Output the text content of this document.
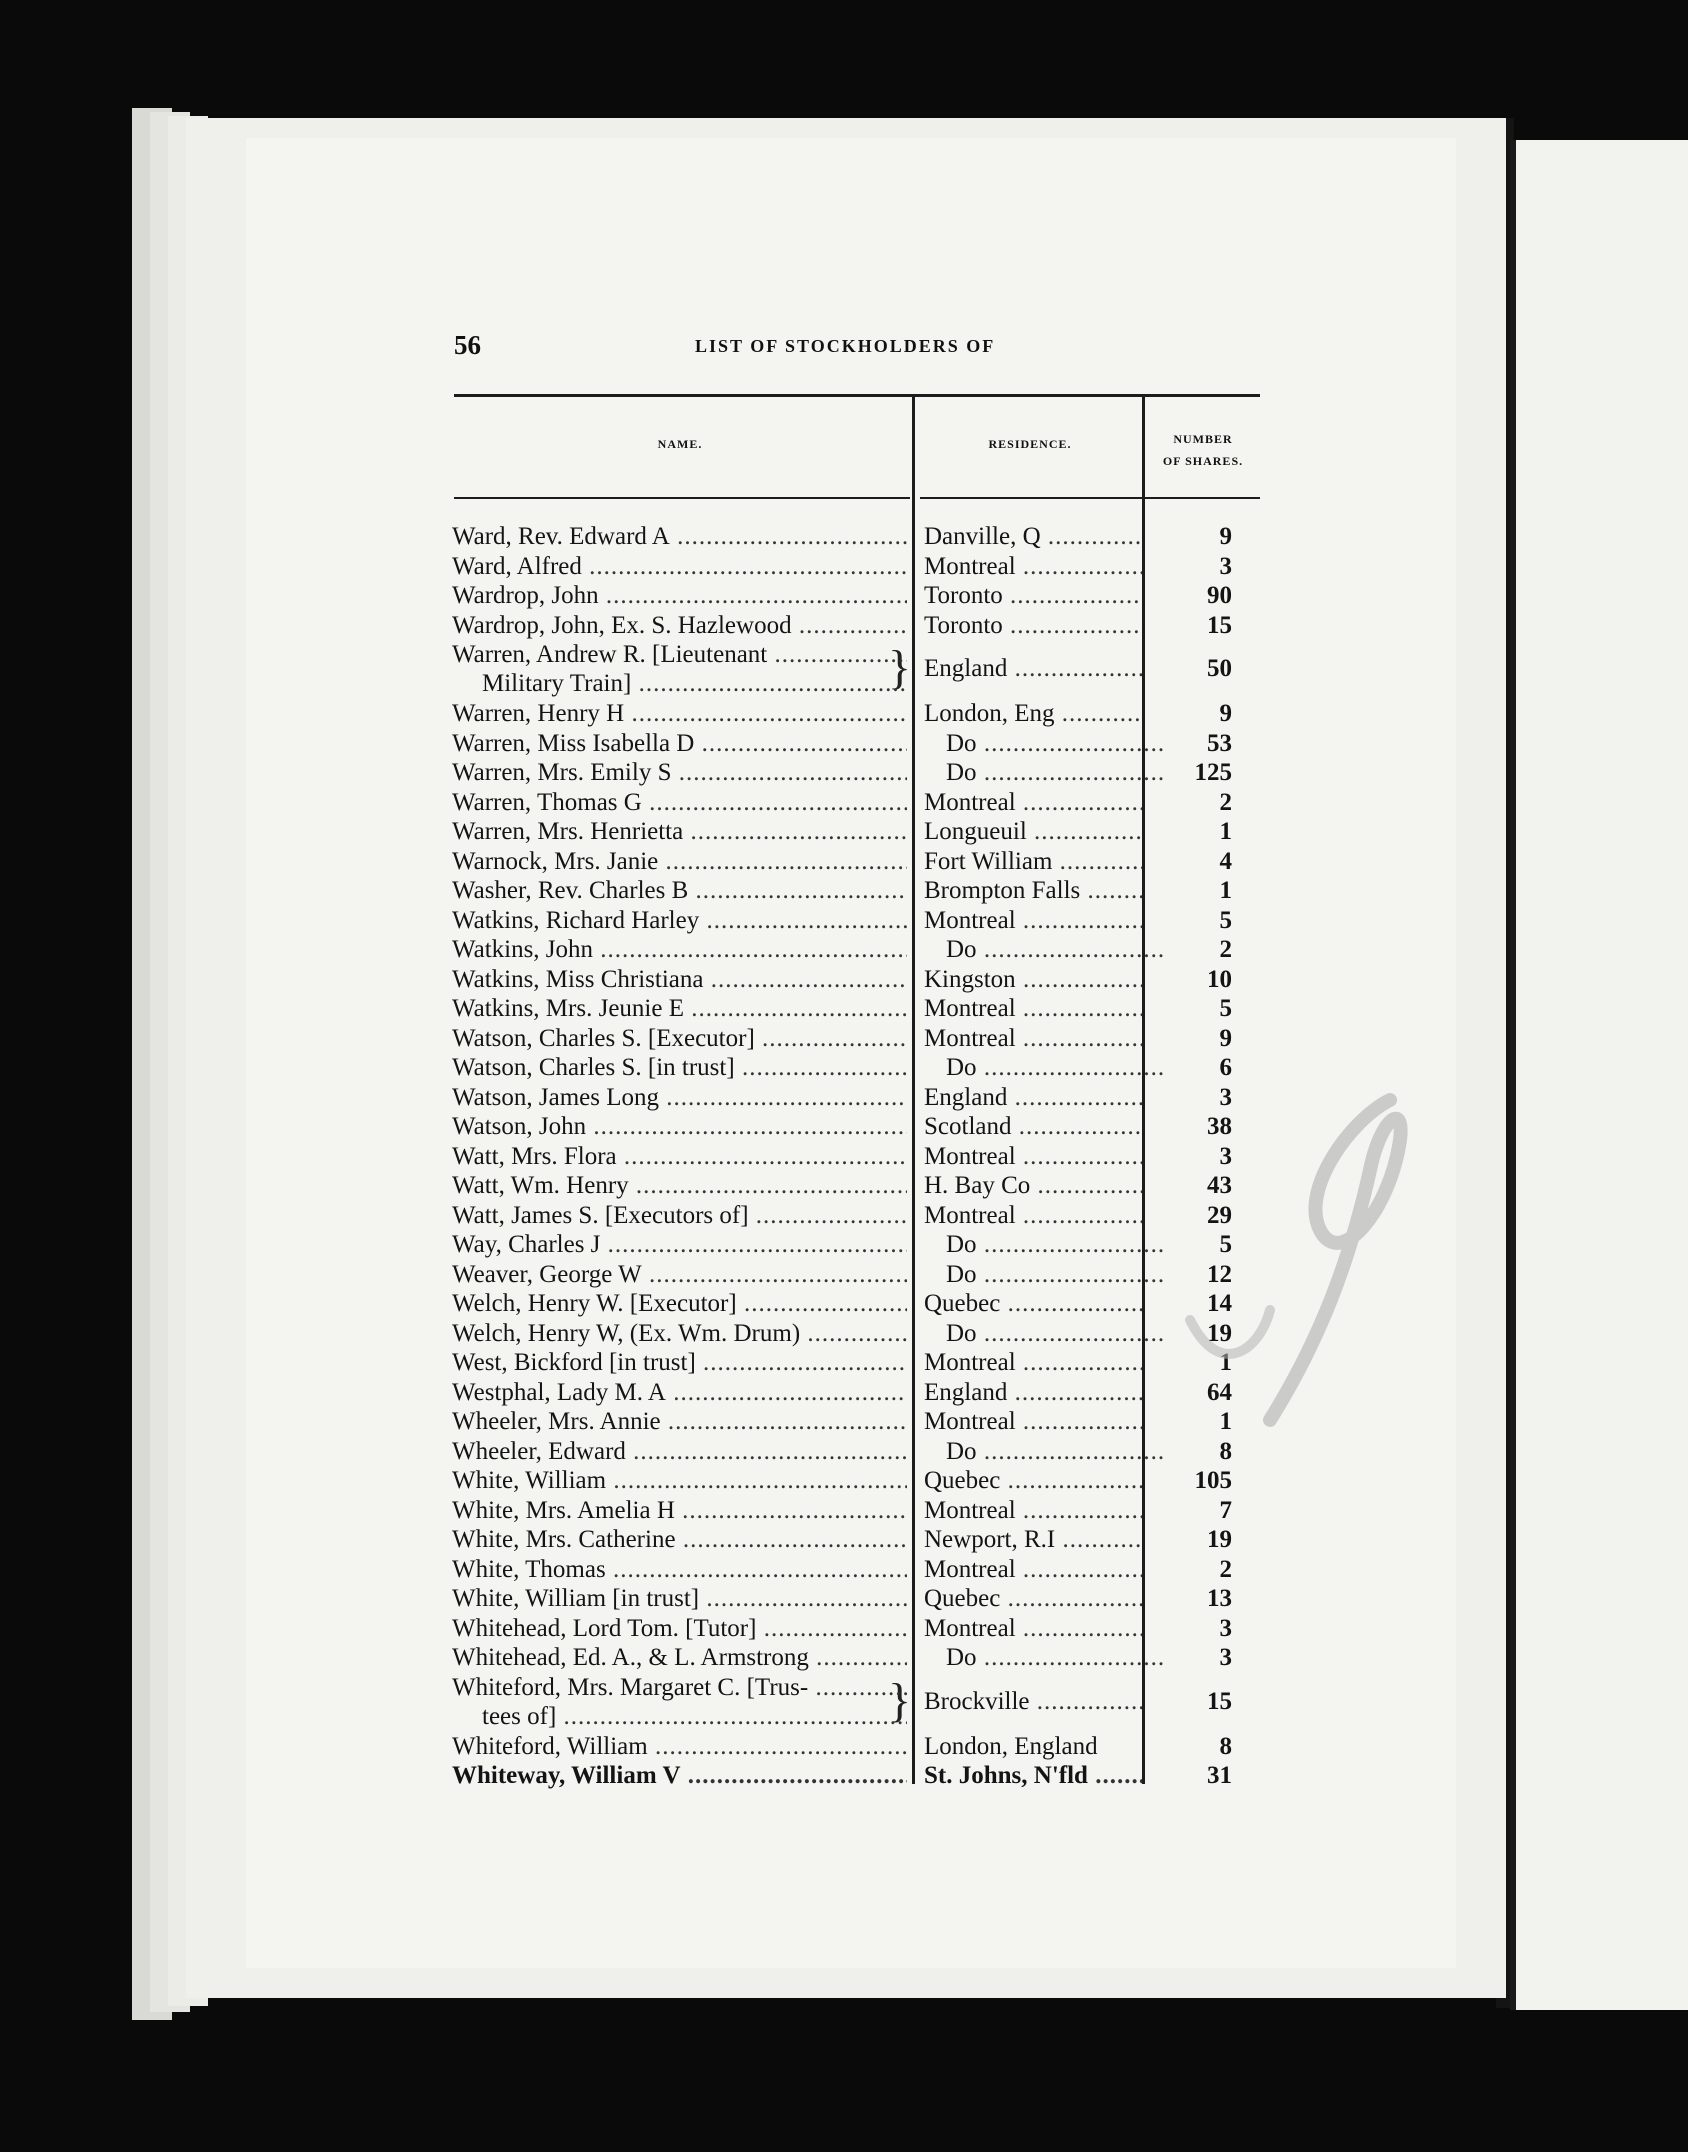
56	LIST OF STOCKHOLDERS OF
NAME.	RESIDENCE.	NUMBER
OF SHARES.
Ward, Rev. Edward A .....	Danville, Q .....	9
Ward, Alfred .....	Montreal .....	3
Wardrop, John .....	Toronto .....	90
Wardrop, John, Ex. S. Hazlewood .....	Toronto .....	15
}
Warren, Andrew R. [Lieutenant .....
Military Train] .....
England .....	50
Warren, Henry H .....	London, Eng .....	9
Warren, Miss Isabella D .....	Do .....	53
Warren, Mrs. Emily S .....	Do .....	125
Warren, Thomas G .....	Montreal .....	2
Warren, Mrs. Henrietta .....	Longueuil .....	1
Warnock, Mrs. Janie .....	Fort William .....	4
Washer, Rev. Charles B .....	Brompton Falls .....	1
Watkins, Richard Harley .....	Montreal .....	5
Watkins, John .....	Do .....	2
Watkins, Miss Christiana .....	Kingston .....	10
Watkins, Mrs. Jeunie E .....	Montreal .....	5
Watson, Charles S. [Executor] .....	Montreal .....	9
Watson, Charles S. [in trust] .....	Do .....	6
Watson, James Long .....	England .....	3
Watson, John .....	Scotland .....	38
Watt, Mrs. Flora .....	Montreal .....	3
Watt, Wm. Henry .....	H. Bay Co .....	43
Watt, James S. [Executors of] .....	Montreal .....	29
Way, Charles J .....	Do .....	5
Weaver, George W .....	Do .....	12
Welch, Henry W. [Executor] .....	Quebec .....	14
Welch, Henry W, (Ex. Wm. Drum) .....	Do .....	19
West, Bickford [in trust] .....	Montreal .....	1
Westphal, Lady M. A .....	England .....	64
Wheeler, Mrs. Annie .....	Montreal .....	1
Wheeler, Edward .....	Do .....	8
White, William .....	Quebec .....	105
White, Mrs. Amelia H .....	Montreal .....	7
White, Mrs. Catherine .....	Newport, R.I .....	19
White, Thomas .....	Montreal .....	2
White, William [in trust] .....	Quebec .....	13
Whitehead, Lord Tom. [Tutor] .....	Montreal .....	3
Whitehead, Ed. A., & L. Armstrong .....	Do .....	3
}
Whiteford, Mrs. Margaret C. [Trus- .....
tees of] .....
Brockville .....	15
Whiteford, William .....	London, England	8
Whiteway, William V .....	St. Johns, N'fld .....	31
